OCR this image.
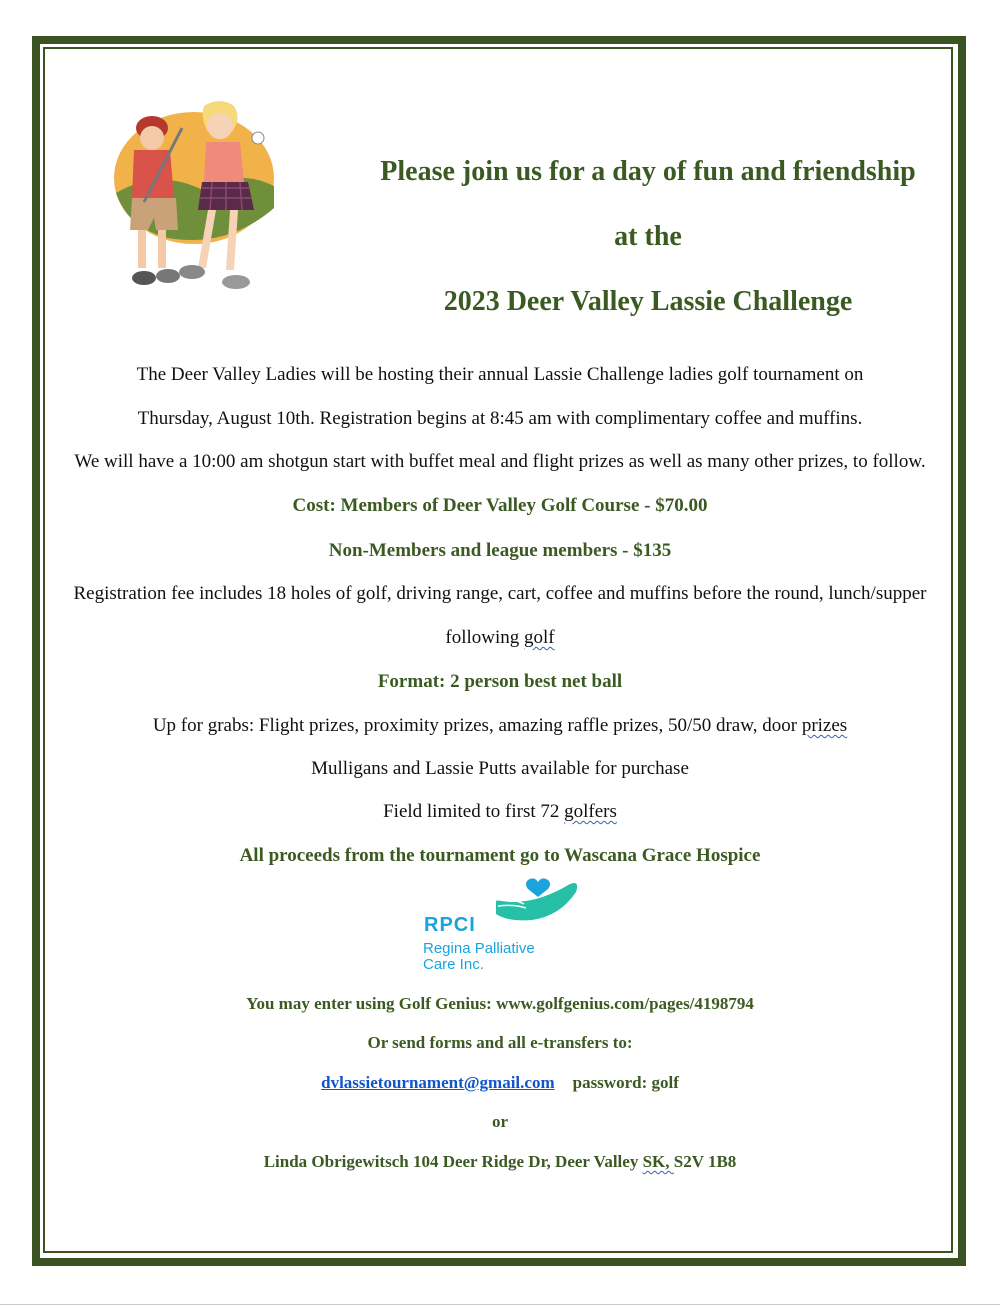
Please join us for a day of fun and friendship
at the
2023 Deer Valley Lassie Challenge
The Deer Valley Ladies will be hosting their annual Lassie Challenge ladies golf tournament on
Thursday, August 10th. Registration begins at 8:45 am with complimentary coffee and muffins.
We will have a 10:00 am shotgun start with buffet meal and flight prizes as well as many other prizes, to follow.
Cost: Members of Deer Valley Golf Course - $70.00
Non-Members and league members - $135
Registration fee includes 18 holes of golf, driving range, cart, coffee and muffins before the round, lunch/supper
following golf
Format: 2 person best net ball
Up for grabs: Flight prizes, proximity prizes, amazing raffle prizes, 50/50 draw, door prizes
Mulligans and Lassie Putts available for purchase
Field limited to first 72 golfers
All proceeds from the tournament go to Wascana Grace Hospice
RPCI
Regina Palliative
Care Inc.
You may enter using Golf Genius: www.golfgenius.com/pages/4198794
Or send forms and all e-transfers to:
dvlassietournament@gmail.com password: golf
or
Linda Obrigewitsch 104 Deer Ridge Dr, Deer Valley SK, S2V 1B8
